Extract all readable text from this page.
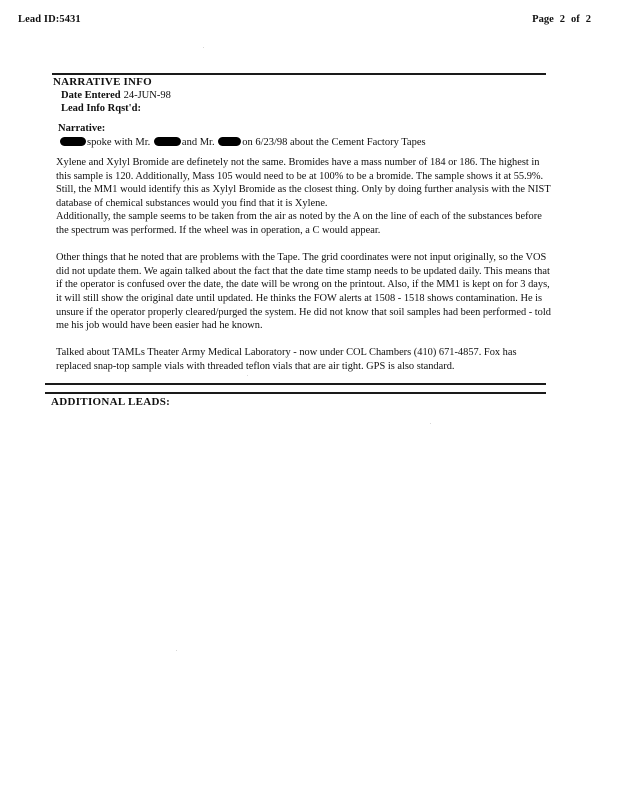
Lead ID:5431	Page 2 of 2
NARRATIVE INFO
Date Entered 24-JUN-98
Lead Info Rqst'd:
Narrative:
spoke with Mr.	and Mr.	on 6/23/98 about the Cement Factory Tapes

Xylene and Xylyl Bromide are definetely not the same. Bromides have a mass number of 184 or 186. The highest in this sample is 120. Additionally, Mass 105 would need to be at 100% to be a bromide. The sample shows it at 55.9%. Still, the MM1 would identify this as Xylyl Bromide as the closest thing. Only by doing further analysis with the NIST database of chemical substances would you find that it is Xylene.

Additionally, the sample seems to be taken from the air as noted by the A on the line of each of the substances before the spectrum was performed. If the wheel was in operation, a C would appear.

Other things that he noted that are problems with the Tape. The grid coordinates were not input originally, so the VOS did not update them. We again talked about the fact that the date time stamp needs to be updated daily. This means that if the operator is confused over the date, the date will be wrong on the printout. Also, if the MM1 is kept on for 3 days, it will still show the original date until updated. He thinks the FOW alerts at 1508 - 1518 shows contamination. He is unsure if the operator properly cleared/purged the system. He did not know that soil samples had been performed - told me his job would have been easier had he known.

Talked about TAMLs Theater Army Medical Laboratory - now under COL Chambers (410) 671-4857. Fox has replaced snap-top sample vials with threaded teflon vials that are air tight. GPS is also standard.

ADDITIONAL LEADS:
